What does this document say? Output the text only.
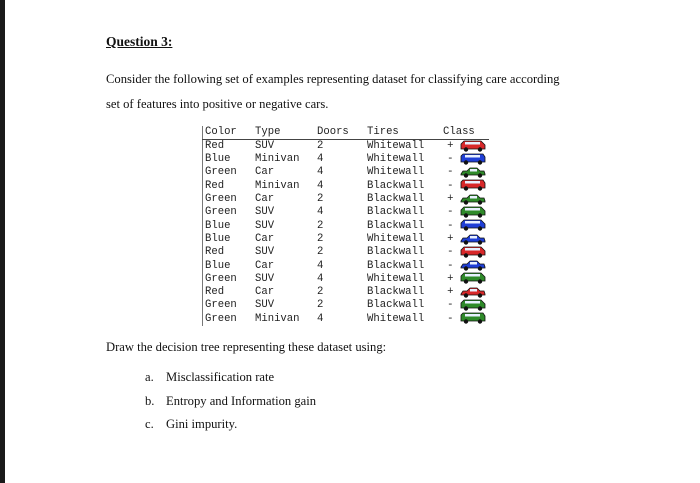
Question 3:
Consider the following set of examples representing dataset for classifying care according
set of features into positive or negative cars.
Color	Type	Doors	Tires	Class	
Red	SUV	2	Whitewall	+	
Blue	Minivan	4	Whitewall	-	
Green	Car	4	Whitewall	-	
Red	Minivan	4	Blackwall	-	
Green	Car	2	Blackwall	+	
Green	SUV	4	Blackwall	-	
Blue	SUV	2	Blackwall	-	
Blue	Car	2	Whitewall	+	
Red	SUV	2	Blackwall	-	
Blue	Car	4	Blackwall	-	
Green	SUV	4	Whitewall	+	
Red	Car	2	Blackwall	+	
Green	SUV	2	Blackwall	-	
Green	Minivan	4	Whitewall	-	
Draw the decision tree representing these dataset using:
a. Misclassification rate
b. Entropy and Information gain
c. Gini impurity.
